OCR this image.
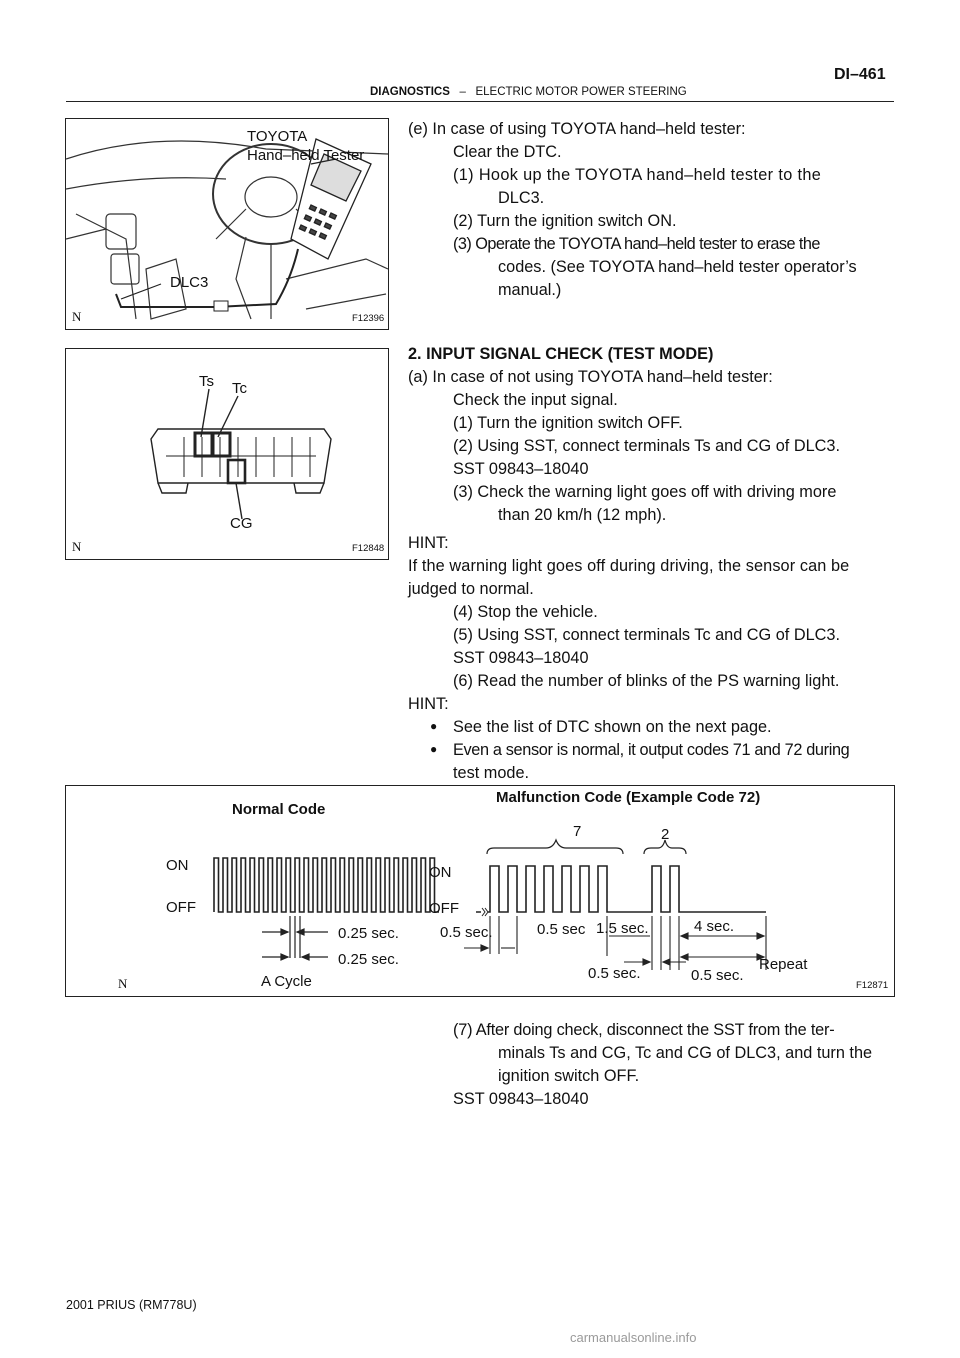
DI–461
DIAGNOSTICS – ELECTRIC MOTOR POWER STEERING
TOYOTA
Hand–held Tester
DLC3
N	F12396
Ts Tc
CG
N	F12848
(e) In case of using TOYOTA hand–held tester:
Clear the DTC.
(1) Hook up the TOYOTA hand–held tester to the
DLC3.
(2) Turn the ignition switch ON.
(3) Operate the TOYOTA hand–held tester to erase the
codes. (See TOYOTA hand–held tester operator’s
manual.)
2. INPUT SIGNAL CHECK (TEST MODE)
(a) In case of not using TOYOTA hand–held tester:
Check the input signal.
(1) Turn the ignition switch OFF.
(2) Using SST, connect terminals Ts and CG of DLC3.
SST 09843–18040
(3) Check the warning light goes off with driving more
than 20 km/h (12 mph).
HINT:
If the warning light goes off during driving, the sensor can be
judged to normal.
(4) Stop the vehicle.
(5) Using SST, connect terminals Tc and CG of DLC3.
SST 09843–18040
(6) Read the number of blinks of the PS warning light.
HINT:
● See the list of DTC shown on the next page.
● Even a sensor is normal, it output codes 71 and 72 during
test mode.
Normal Code
Malfunction Code (Example Code 72)
ON
OFF
0.25 sec.
0.25 sec.
A Cycle
ON
OFF
7	2
0.5 sec.	0.5 sec 1.5 sec.	4 sec.
0.5 sec.	0.5 sec.
Repeat
N	F12871
(7) After doing check, disconnect the SST from the ter-
minals Ts and CG, Tc and CG of DLC3, and turn the
ignition switch OFF.
SST 09843–18040
2001 PRIUS (RM778U)
carmanualsonline.info
